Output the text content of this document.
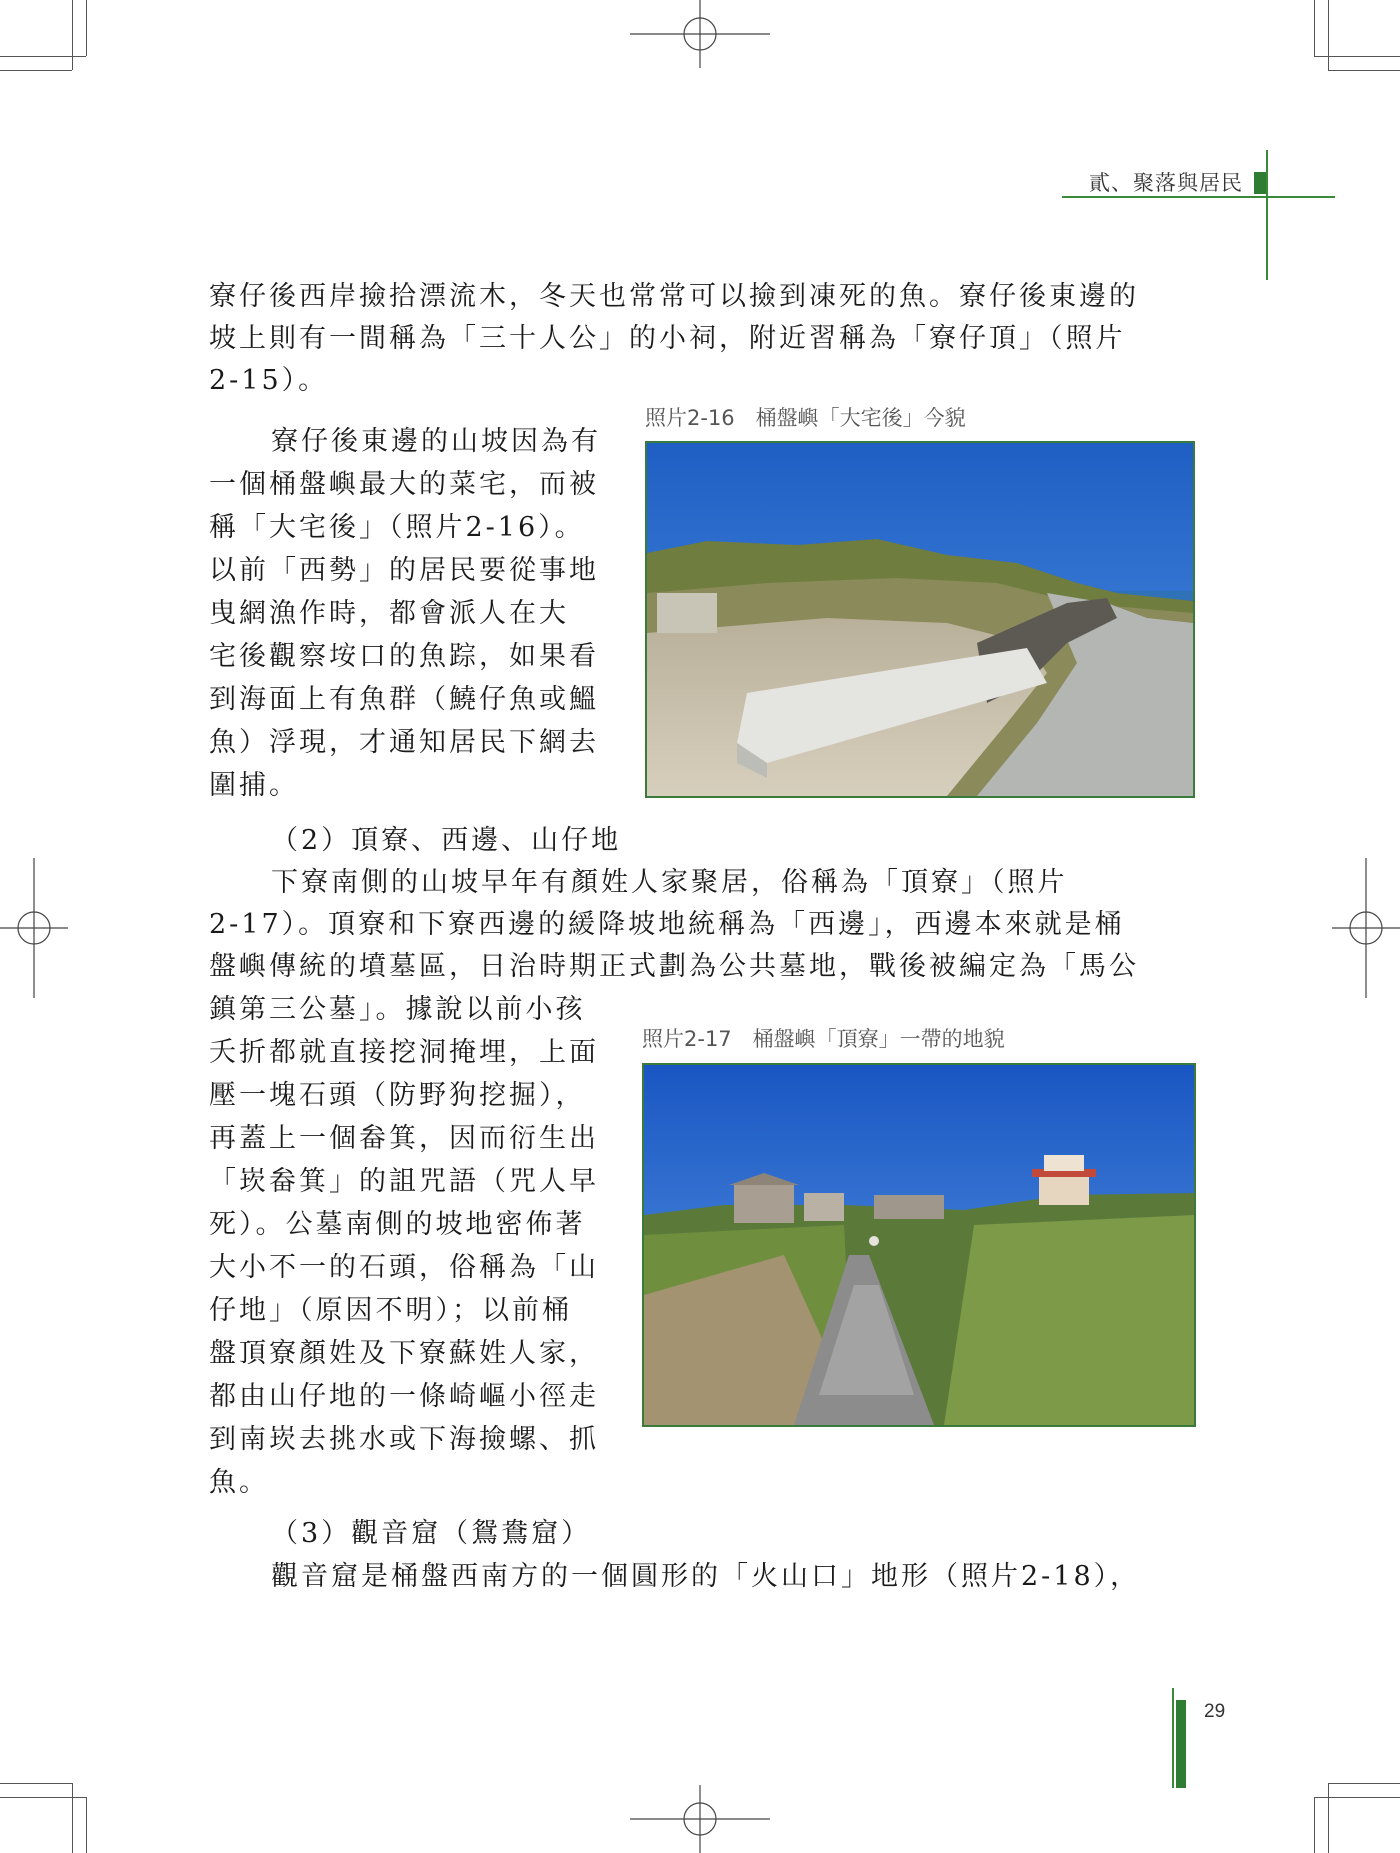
貳、聚落與居民
寮仔後西岸撿拾漂流木，冬天也常常可以撿到凍死的魚。寮仔後東邊的
坡上則有一間稱為「三十人公」的小祠，附近習稱為「寮仔頂」（照片
2-15）。
寮仔後東邊的山坡因為有
一個桶盤嶼最大的菜宅，而被
稱「大宅後」（照片2-16）。
以前「西勢」的居民要從事地
曳網漁作時，都會派人在大
宅後觀察垵口的魚踪，如果看
到海面上有魚群（鱙仔魚或鰮
魚）浮現，才通知居民下網去
圍捕。
照片2-16　桶盤嶼「大宅後」今貌
（2）頂寮、西邊、山仔地
下寮南側的山坡早年有顏姓人家聚居，俗稱為「頂寮」（照片
2-17）。頂寮和下寮西邊的緩降坡地統稱為「西邊」，西邊本來就是桶
盤嶼傳統的墳墓區，日治時期正式劃為公共墓地，戰後被編定為「馬公
鎮第三公墓」。據說以前小孩
夭折都就直接挖洞掩埋，上面
壓一塊石頭（防野狗挖掘），
再蓋上一個畚箕，因而衍生出
「崁畚箕」的詛咒語（咒人早
死）。公墓南側的坡地密佈著
大小不一的石頭，俗稱為「山
仔地」（原因不明）；以前桶
盤頂寮顏姓及下寮蘇姓人家，
都由山仔地的一條崎嶇小徑走
到南崁去挑水或下海撿螺、抓
魚。
照片2-17　桶盤嶼「頂寮」一帶的地貌
（3）觀音窟（鴛鴦窟）
觀音窟是桶盤西南方的一個圓形的「火山口」地形（照片2-18），
29
